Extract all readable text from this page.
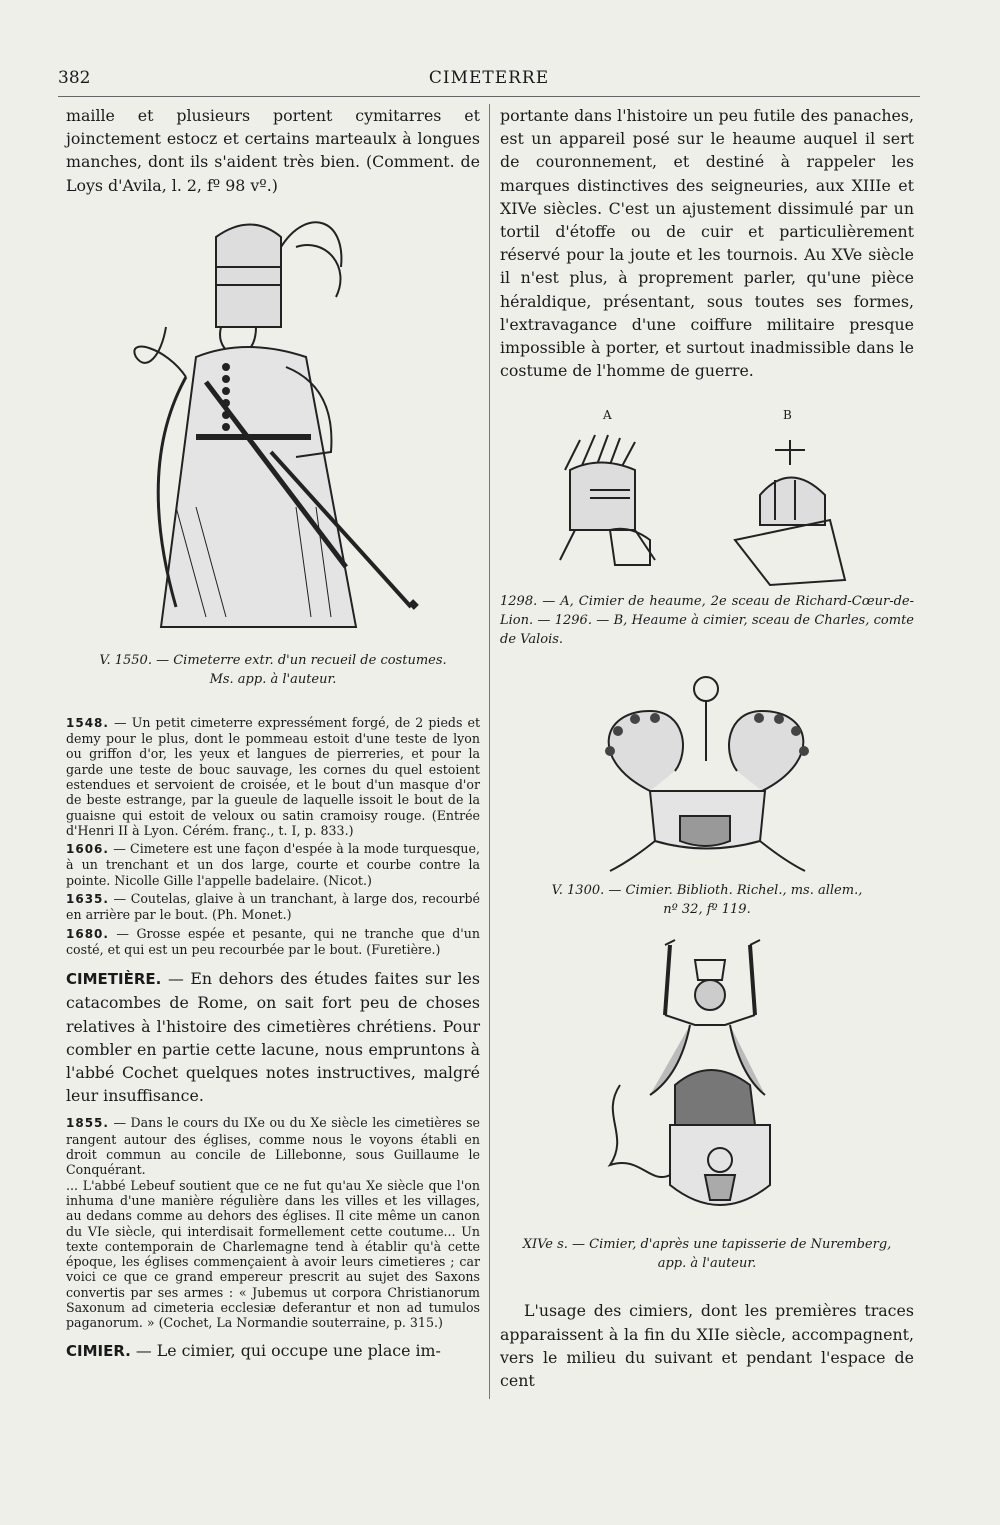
382	CIMETERRE

maille et plusieurs portent cymitarres et joinctement estocz et certains marteaulx à longues manches, dont ils s'aident très bien. (Comment. de Loys d'Avila, l. 2, fº 98 vº.)

V. 1550. — Cimeterre extr. d'un recueil de costumes.

Ms. app. à l'auteur.

1548. — Un petit cimeterre expressément forgé, de 2 pieds et demy pour le plus, dont le pommeau estoit d'une teste de lyon ou griffon d'or, les yeux et langues de pierreries, et pour la garde une teste de bouc sauvage, les cornes du quel estoient estendues et servoient de croisée, et le bout d'un masque d'or de beste estrange, par la gueule de laquelle issoit le bout de la guaisne qui estoit de veloux ou satin cramoisy rouge. (Entrée d'Henri II à Lyon. Cérém. franç., t. I, p. 833.)

1606. — Cimetere est une façon d'espée à la mode turquesque, à un trenchant et un dos large, courte et courbe contre la pointe. Nicolle Gille l'appelle badelaire. (Nicot.)

1635. — Coutelas, glaive à un tranchant, à large dos, recourbé en arrière par le bout. (Ph. Monet.)

1680. — Grosse espée et pesante, qui ne tranche que d'un costé, et qui est un peu recourbée par le bout. (Furetière.)

CIMETIÈRE. — En dehors des études faites sur les catacombes de Rome, on sait fort peu de choses relatives à l'histoire des cimetières chrétiens. Pour combler en partie cette lacune, nous empruntons à l'abbé Cochet quelques notes instructives, malgré leur insuffisance.

1855. — Dans le cours du IXe ou du Xe siècle les cimetières se rangent autour des églises, comme nous le voyons établi en droit commun au concile de Lillebonne, sous Guillaume le Conquérant.

... L'abbé Lebeuf soutient que ce ne fut qu'au Xe siècle que l'on inhuma d'une manière régulière dans les villes et les villages, au dedans comme au dehors des églises. Il cite même un canon du VIe siècle, qui interdisait formellement cette coutume... Un texte contemporain de Charlemagne tend à établir qu'à cette époque, les églises commençaient à avoir leurs cimetieres ; car voici ce que ce grand empereur prescrit au sujet des Saxons convertis par ses armes : « Jubemus ut corpora Christianorum Saxonum ad cimeteria ecclesiæ deferantur et non ad tumulos paganorum. » (Cochet, La Normandie souterraine, p. 315.)

CIMIER. — Le cimier, qui occupe une place im-

portante dans l'histoire un peu futile des panaches, est un appareil posé sur le heaume auquel il sert de couronnement, et destiné à rappeler les marques distinctives des seigneuries, aux XIIIe et XIVe siècles. C'est un ajustement dissimulé par un tortil d'étoffe ou de cuir et particulièrement réservé pour la joute et les tournois. Au XVe siècle il n'est plus, à proprement parler, qu'une pièce héraldique, présentant, sous toutes ses formes, l'extravagance d'une coiffure militaire presque impossible à porter, et surtout inadmissible dans le costume de l'homme de guerre.

A	B

1298. — A, Cimier de heaume, 2e sceau de Richard-Cœur-de-Lion. — 1296. — B, Heaume à cimier, sceau de Charles, comte de Valois.

V. 1300. — Cimier. Biblioth. Richel., ms. allem.,

nº 32, fº 119.

XIVe s. — Cimier, d'après une tapisserie de Nuremberg,

app. à l'auteur.

L'usage des cimiers, dont les premières traces apparaissent à la fin du XIIe siècle, accompagnent, vers le milieu du suivant et pendant l'espace de cent
